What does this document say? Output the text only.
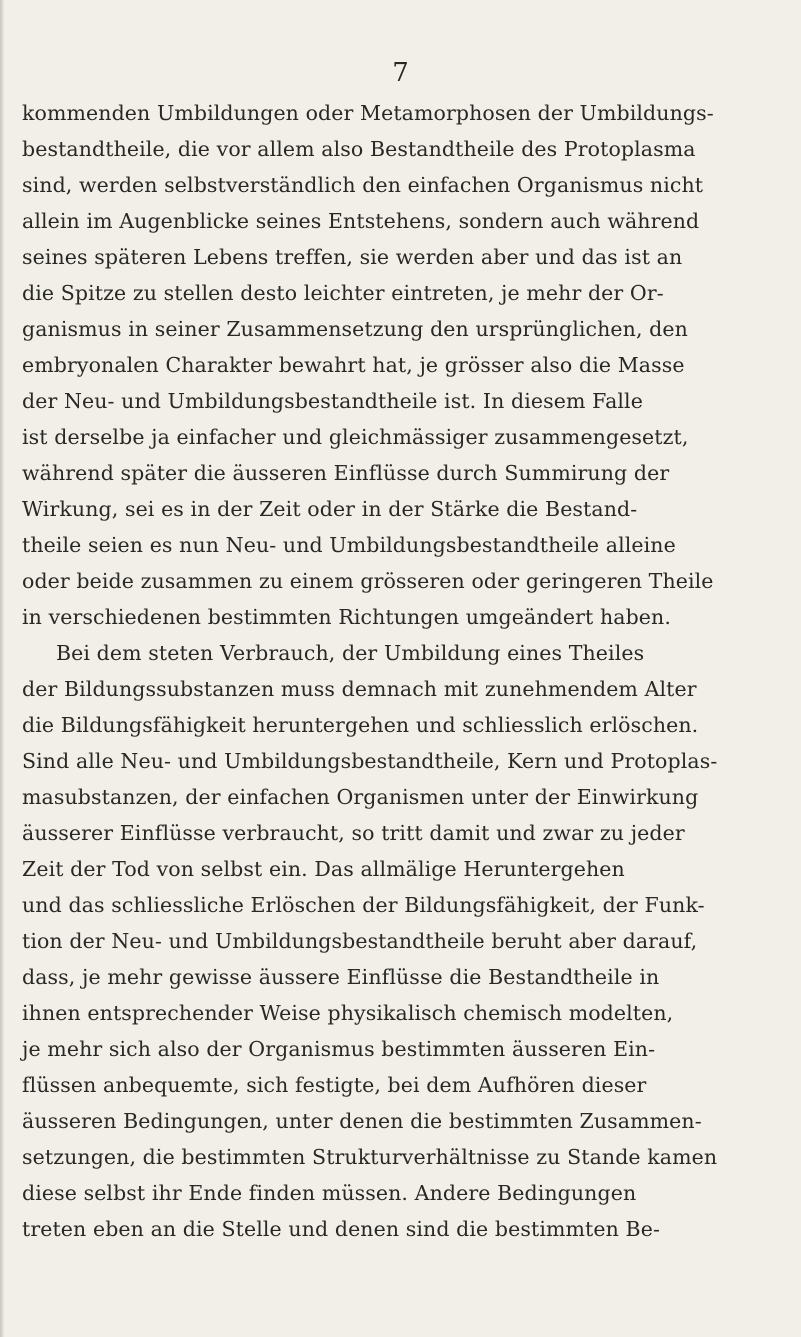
7
kommenden Umbildungen oder Metamorphosen der Umbildungs-
bestandtheile, die vor allem also Bestandtheile des Protoplasma
sind, werden selbstverständlich den einfachen Organismus nicht
allein im Augenblicke seines Entstehens, sondern auch während
seines späteren Lebens treffen, sie werden aber und das ist an
die Spitze zu stellen desto leichter eintreten, je mehr der Or-
ganismus in seiner Zusammensetzung den ursprünglichen, den
embryonalen Charakter bewahrt hat, je grösser also die Masse
der Neu- und Umbildungsbestandtheile ist. In diesem Falle
ist derselbe ja einfacher und gleichmässiger zusammengesetzt,
während später die äusseren Einflüsse durch Summirung der
Wirkung, sei es in der Zeit oder in der Stärke die Bestand-
theile seien es nun Neu- und Umbildungsbestandtheile alleine
oder beide zusammen zu einem grösseren oder geringeren Theile
in verschiedenen bestimmten Richtungen umgeändert haben.
Bei dem steten Verbrauch, der Umbildung eines Theiles
der Bildungssubstanzen muss demnach mit zunehmendem Alter
die Bildungsfähigkeit heruntergehen und schliesslich erlöschen.
Sind alle Neu- und Umbildungsbestandtheile, Kern und Protoplas-
masubstanzen, der einfachen Organismen unter der Einwirkung
äusserer Einflüsse verbraucht, so tritt damit und zwar zu jeder
Zeit der Tod von selbst ein. Das allmälige Heruntergehen
und das schliessliche Erlöschen der Bildungsfähigkeit, der Funk-
tion der Neu- und Umbildungsbestandtheile beruht aber darauf,
dass, je mehr gewisse äussere Einflüsse die Bestandtheile in
ihnen entsprechender Weise physikalisch chemisch modelten,
je mehr sich also der Organismus bestimmten äusseren Ein-
flüssen anbequemte, sich festigte, bei dem Aufhören dieser
äusseren Bedingungen, unter denen die bestimmten Zusammen-
setzungen, die bestimmten Strukturverhältnisse zu Stande kamen
diese selbst ihr Ende finden müssen. Andere Bedingungen
treten eben an die Stelle und denen sind die bestimmten Be-
